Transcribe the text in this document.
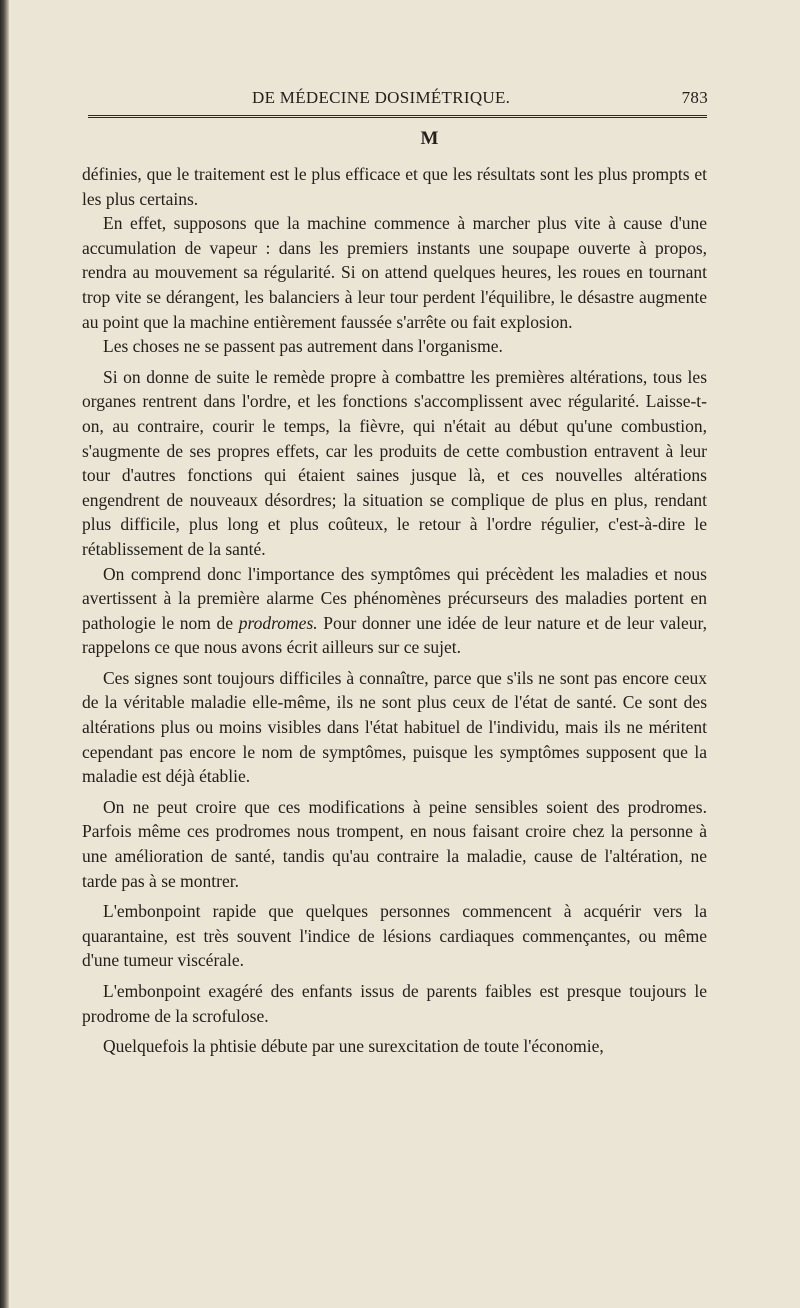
DE MÉDECINE DOSIMÉTRIQUE.	783
M

définies, que le traitement est le plus efficace et que les résultats sont les plus prompts et les plus certains.

En effet, supposons que la machine commence à marcher plus vite à cause d'une accumulation de vapeur : dans les premiers instants une soupape ouverte à propos, rendra au mouvement sa régularité. Si on attend quelques heures, les roues en tournant trop vite se dérangent, les balanciers à leur tour perdent l'équilibre, le désastre augmente au point que la machine entièrement faussée s'arrête ou fait explosion.

Les choses ne se passent pas autrement dans l'organisme.

Si on donne de suite le remède propre à combattre les premières altérations, tous les organes rentrent dans l'ordre, et les fonctions s'accomplissent avec régularité. Laisse-t-on, au contraire, courir le temps, la fièvre, qui n'était au début qu'une combustion, s'augmente de ses propres effets, car les produits de cette combustion entravent à leur tour d'autres fonctions qui étaient saines jusque là, et ces nouvelles altérations engendrent de nouveaux désordres; la situation se complique de plus en plus, rendant plus difficile, plus long et plus coûteux, le retour à l'ordre régulier, c'est-à-dire le rétablissement de la santé.

On comprend donc l'importance des symptômes qui précèdent les maladies et nous avertissent à la première alarme Ces phénomènes précurseurs des maladies portent en pathologie le nom de prodromes. Pour donner une idée de leur nature et de leur valeur, rappelons ce que nous avons écrit ailleurs sur ce sujet.

Ces signes sont toujours difficiles à connaître, parce que s'ils ne sont pas encore ceux de la véritable maladie elle-même, ils ne sont plus ceux de l'état de santé. Ce sont des altérations plus ou moins visibles dans l'état habituel de l'individu, mais ils ne méritent cependant pas encore le nom de symptômes, puisque les symptômes supposent que la maladie est déjà établie.

On ne peut croire que ces modifications à peine sensibles soient des prodromes. Parfois même ces prodromes nous trompent, en nous faisant croire chez la personne à une amélioration de santé, tandis qu'au contraire la maladie, cause de l'altération, ne tarde pas à se montrer.

L'embonpoint rapide que quelques personnes commencent à acquérir vers la quarantaine, est très souvent l'indice de lésions cardiaques commençantes, ou même d'une tumeur viscérale.

L'embonpoint exagéré des enfants issus de parents faibles est presque toujours le prodrome de la scrofulose.

Quelquefois la phtisie débute par une surexcitation de toute l'économie,
